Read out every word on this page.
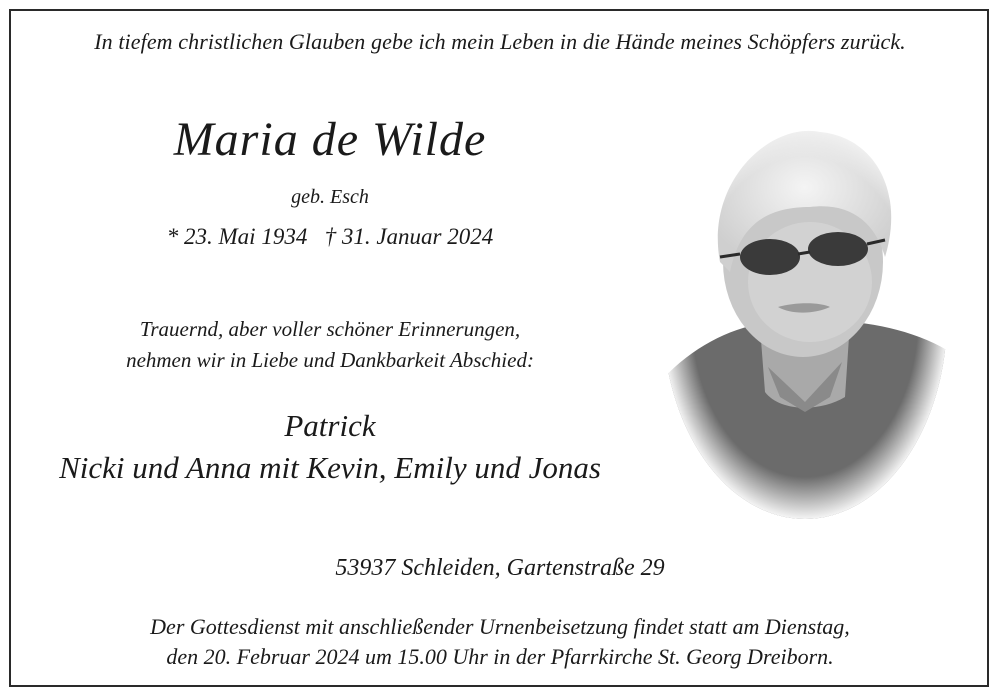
In tiefem christlichen Glauben gebe ich mein Leben in die Hände meines Schöpfers zurück.
Maria de Wilde
geb. Esch
* 23. Mai 1934   † 31. Januar 2024
Trauernd, aber voller schöner Erinnerungen,
nehmen wir in Liebe und Dankbarkeit Abschied:
Patrick
Nicki und Anna mit Kevin, Emily und Jonas
53937 Schleiden, Gartenstraße 29
Der Gottesdienst mit anschließender Urnenbeisetzung findet statt am Dienstag,
den 20. Februar 2024 um 15.00 Uhr in der Pfarrkirche St. Georg Dreiborn.
